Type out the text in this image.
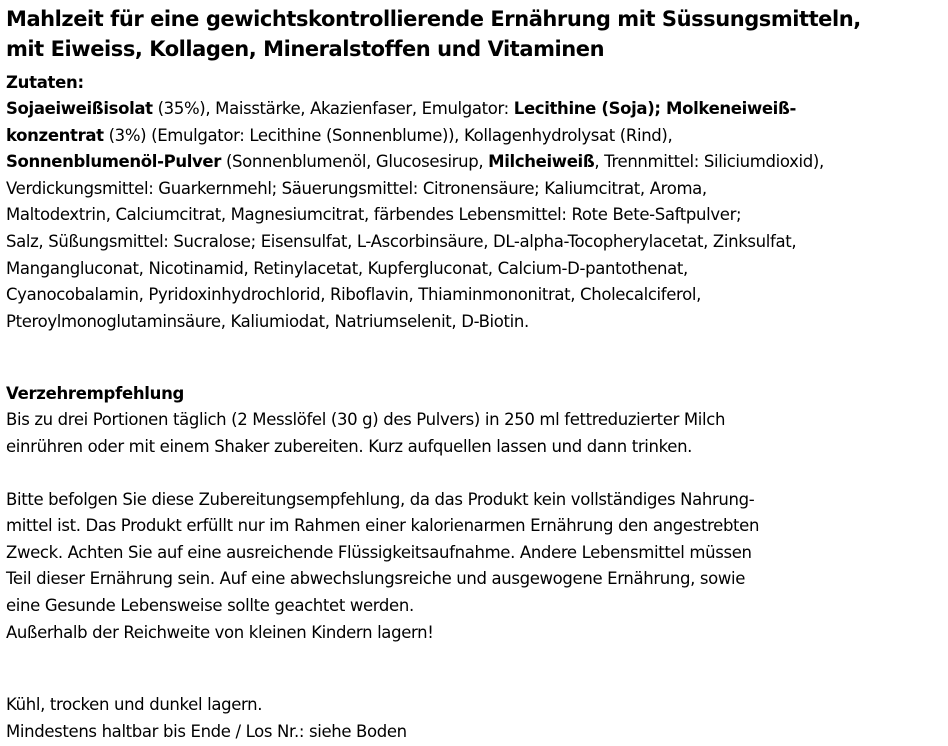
Mahlzeit für eine gewichtskontrollierende Ernährung mit Süssungsmitteln,
mit Eiweiss, Kollagen, Mineralstoffen und Vitaminen
Zutaten:
Sojaeiweißisolat (35%), Maisstärke, Akazienfaser, Emulgator: Lecithine (Soja); Molkeneiweiß-
konzentrat (3%) (Emulgator: Lecithine (Sonnenblume)), Kollagenhydrolysat (Rind),
Sonnenblumenöl-Pulver (Sonnenblumenöl, Glucosesirup, Milcheiweiß, Trennmittel: Siliciumdioxid),
Verdickungsmittel: Guarkernmehl; Säuerungsmittel: Citronensäure; Kaliumcitrat, Aroma,
Maltodextrin, Calciumcitrat, Magnesiumcitrat, färbendes Lebensmittel: Rote Bete-Saftpulver;
Salz, Süßungsmittel: Sucralose; Eisensulfat, L-Ascorbinsäure, DL-alpha-Tocopherylacetat, Zinksulfat,
Mangangluconat, Nicotinamid, Retinylacetat, Kupfergluconat, Calcium-D-pantothenat,
Cyanocobalamin, Pyridoxinhydrochlorid, Riboflavin, Thiaminmononitrat, Cholecalciferol,
Pteroylmonoglutaminsäure, Kaliumiodat, Natriumselenit, D-Biotin.
Verzehrempfehlung
Bis zu drei Portionen täglich (2 Messlöfel (30 g) des Pulvers) in 250 ml fettreduzierter Milch
einrühren oder mit einem Shaker zubereiten. Kurz aufquellen lassen und dann trinken.
Bitte befolgen Sie diese Zubereitungsempfehlung, da das Produkt kein vollständiges Nahrung-
mittel ist. Das Produkt erfüllt nur im Rahmen einer kalorienarmen Ernährung den angestrebten
Zweck. Achten Sie auf eine ausreichende Flüssigkeitsaufnahme. Andere Lebensmittel müssen
Teil dieser Ernährung sein. Auf eine abwechslungsreiche und ausgewogene Ernährung, sowie
eine Gesunde Lebensweise sollte geachtet werden.
Außerhalb der Reichweite von kleinen Kindern lagern!
Kühl, trocken und dunkel lagern.
Mindestens haltbar bis Ende / Los Nr.: siehe Boden
